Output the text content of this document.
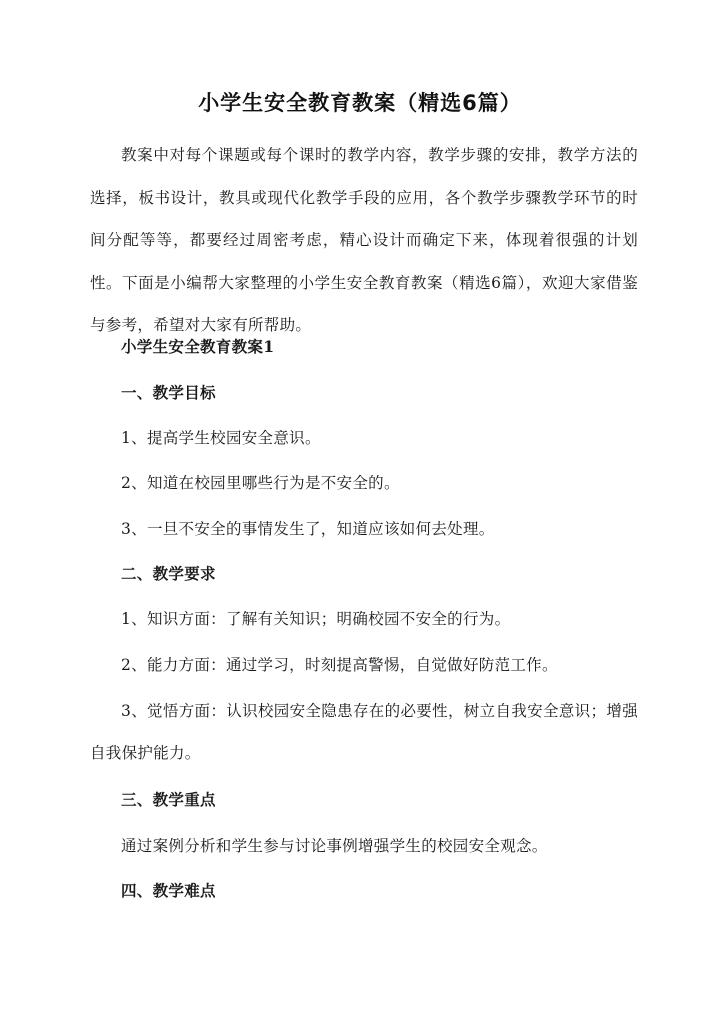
小学生安全教育教案（精选6篇）
教案中对每个课题或每个课时的教学内容，教学步骤的安排，教学方法的选择，板书设计，教具或现代化教学手段的应用，各个教学步骤教学环节的时间分配等等，都要经过周密考虑，精心设计而确定下来，体现着很强的计划性。下面是小编帮大家整理的小学生安全教育教案（精选6篇），欢迎大家借鉴与参考，希望对大家有所帮助。
小学生安全教育教案1
一、教学目标
1、提高学生校园安全意识。
2、知道在校园里哪些行为是不安全的。
3、一旦不安全的事情发生了，知道应该如何去处理。
二、教学要求
1、知识方面：了解有关知识；明确校园不安全的行为。
2、能力方面：通过学习，时刻提高警惕，自觉做好防范工作。
3、觉悟方面：认识校园安全隐患存在的必要性，树立自我安全意识；增强自我保护能力。
三、教学重点
通过案例分析和学生参与讨论事例增强学生的校园安全观念。
四、教学难点
